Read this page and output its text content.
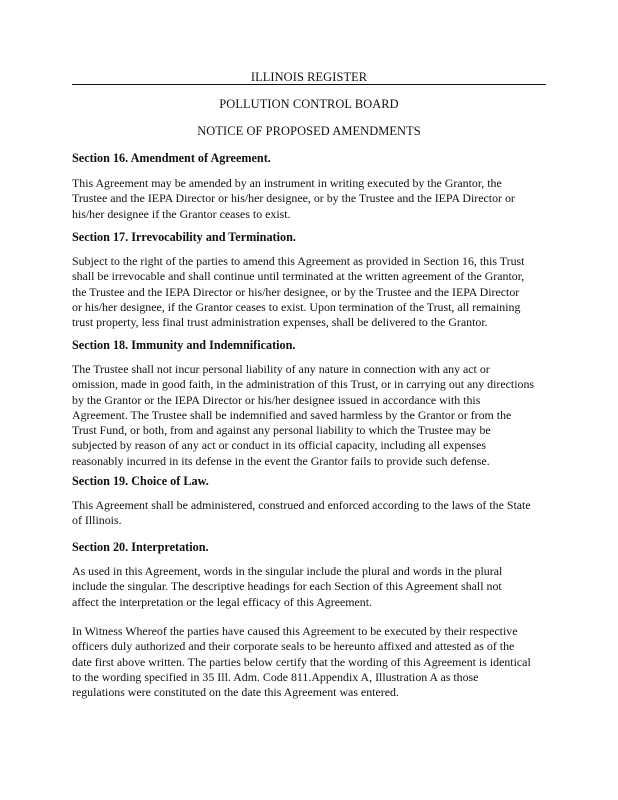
ILLINOIS REGISTER
POLLUTION CONTROL BOARD
NOTICE OF PROPOSED AMENDMENTS
Section 16. Amendment of Agreement.
This Agreement may be amended by an instrument in writing executed by the Grantor, the
Trustee and the IEPA Director or his/her designee, or by the Trustee and the IEPA Director or
his/her designee if the Grantor ceases to exist.
Section 17. Irrevocability and Termination.
Subject to the right of the parties to amend this Agreement as provided in Section 16, this Trust
shall be irrevocable and shall continue until terminated at the written agreement of the Grantor,
the Trustee and the IEPA Director or his/her designee, or by the Trustee and the IEPA Director
or his/her designee, if the Grantor ceases to exist. Upon termination of the Trust, all remaining
trust property, less final trust administration expenses, shall be delivered to the Grantor.
Section 18. Immunity and Indemnification.
The Trustee shall not incur personal liability of any nature in connection with any act or
omission, made in good faith, in the administration of this Trust, or in carrying out any directions
by the Grantor or the IEPA Director or his/her designee issued in accordance with this
Agreement. The Trustee shall be indemnified and saved harmless by the Grantor or from the
Trust Fund, or both, from and against any personal liability to which the Trustee may be
subjected by reason of any act or conduct in its official capacity, including all expenses
reasonably incurred in its defense in the event the Grantor fails to provide such defense.
Section 19. Choice of Law.
This Agreement shall be administered, construed and enforced according to the laws of the State
of Illinois.
Section 20. Interpretation.
As used in this Agreement, words in the singular include the plural and words in the plural
include the singular. The descriptive headings for each Section of this Agreement shall not
affect the interpretation or the legal efficacy of this Agreement.
In Witness Whereof the parties have caused this Agreement to be executed by their respective
officers duly authorized and their corporate seals to be hereunto affixed and attested as of the
date first above written. The parties below certify that the wording of this Agreement is identical
to the wording specified in 35 Ill. Adm. Code 811.Appendix A, Illustration A as those
regulations were constituted on the date this Agreement was entered.
